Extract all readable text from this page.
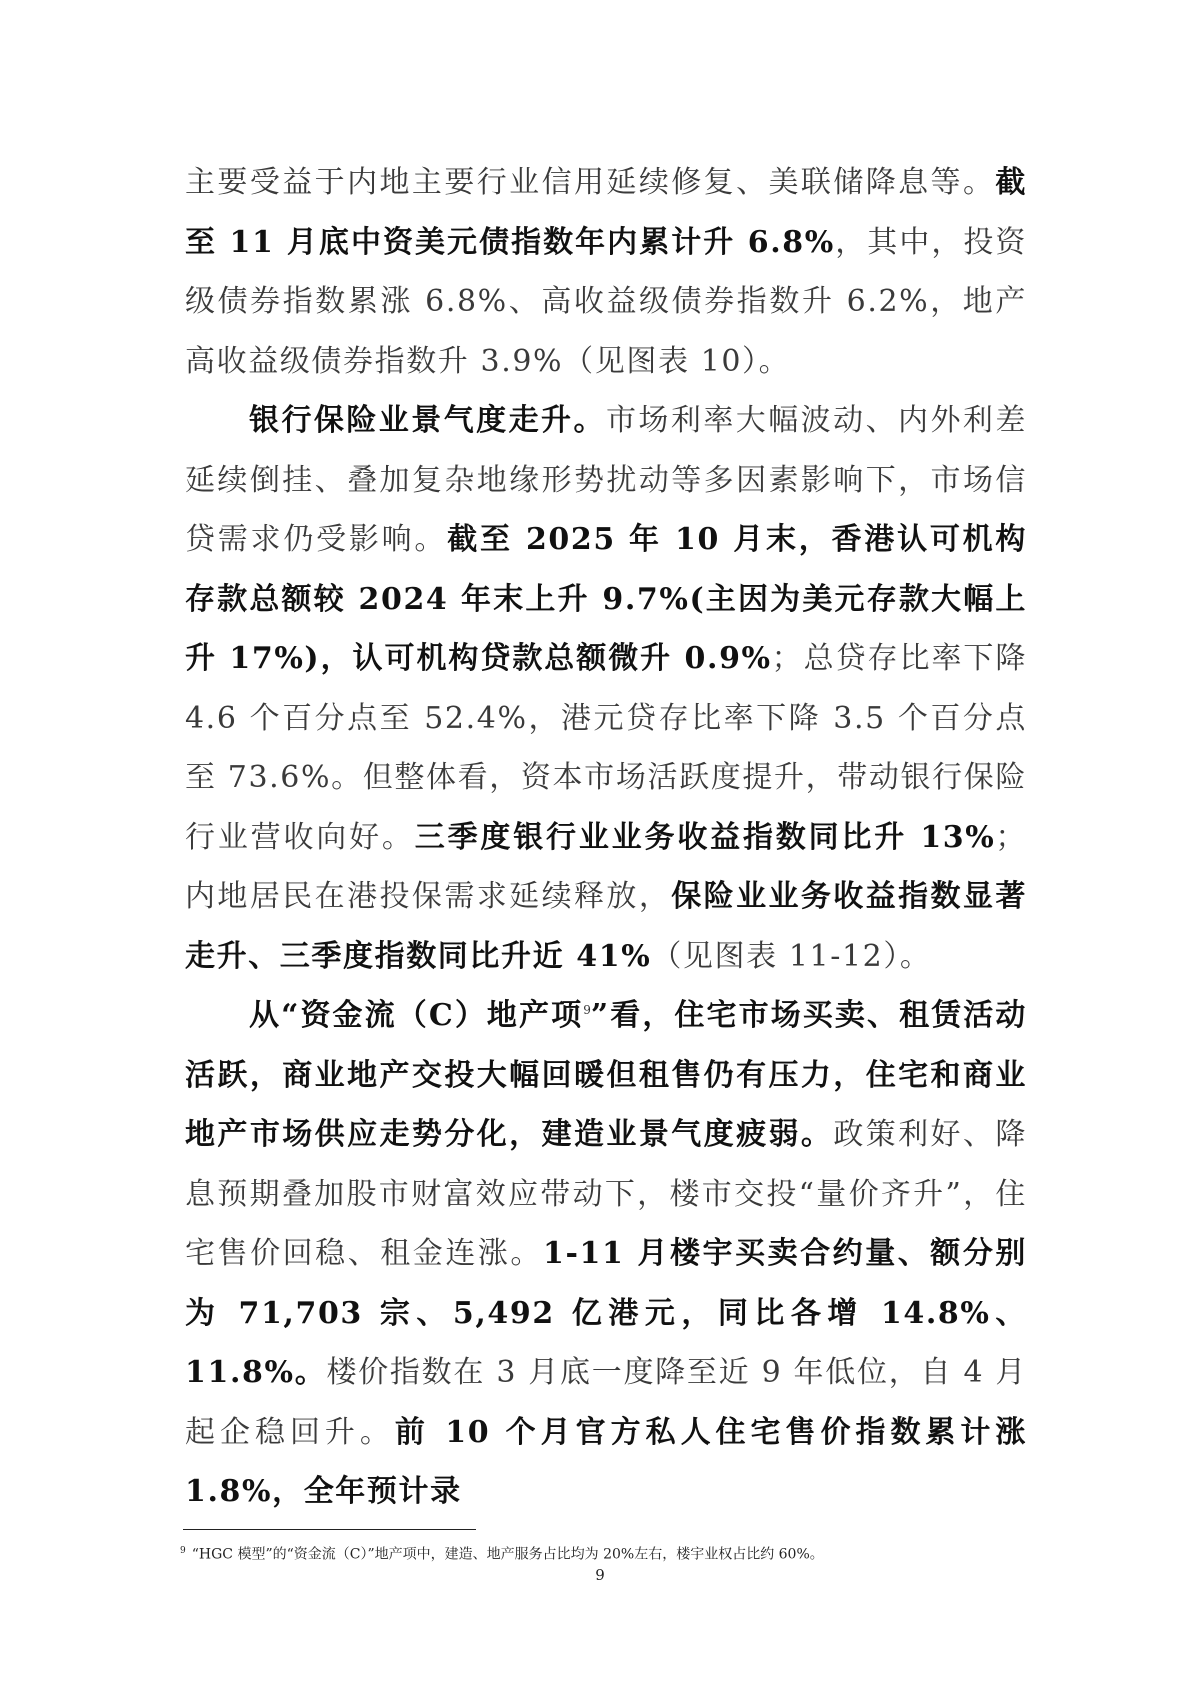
主要受益于内地主要行业信用延续修复、美联储降息等。截至 11 月底中资美元债指数年内累计升 6.8%，其中，投资级债券指数累涨 6.8%、高收益级债券指数升 6.2%，地产高收益级债券指数升 3.9%（见图表 10）。

银行保险业景气度走升。市场利率大幅波动、内外利差延续倒挂、叠加复杂地缘形势扰动等多因素影响下，市场信贷需求仍受影响。截至 2025 年 10 月末，香港认可机构存款总额较 2024 年末上升 9.7%(主因为美元存款大幅上升 17%)，认可机构贷款总额微升 0.9%；总贷存比率下降 4.6 个百分点至 52.4%，港元贷存比率下降 3.5 个百分点至 73.6%。但整体看，资本市场活跃度提升，带动银行保险行业营收向好。三季度银行业业务收益指数同比升 13%；内地居民在港投保需求延续释放，保险业业务收益指数显著走升、三季度指数同比升近 41%（见图表 11-12）。

从“资金流（C）地产项$^9$”看，住宅市场买卖、租赁活动活跃，商业地产交投大幅回暖但租售仍有压力，住宅和商业地产市场供应走势分化，建造业景气度疲弱。政策利好、降息预期叠加股市财富效应带动下，楼市交投“量价齐升”，住宅售价回稳、租金连涨。1-11 月楼宇买卖合约量、额分别为 71,703 宗、5,492 亿港元，同比各增 14.8%、11.8%。楼价指数在 3 月底一度降至近 9 年低位，自 4 月起企稳回升。前 10 个月官方私人住宅售价指数累计涨 1.8%，全年预计录

$^9$ “HGC 模型”的“资金流（C）”地产项中，建造、地产服务占比均为 20%左右，楼宇业权占比约 60%。
9
